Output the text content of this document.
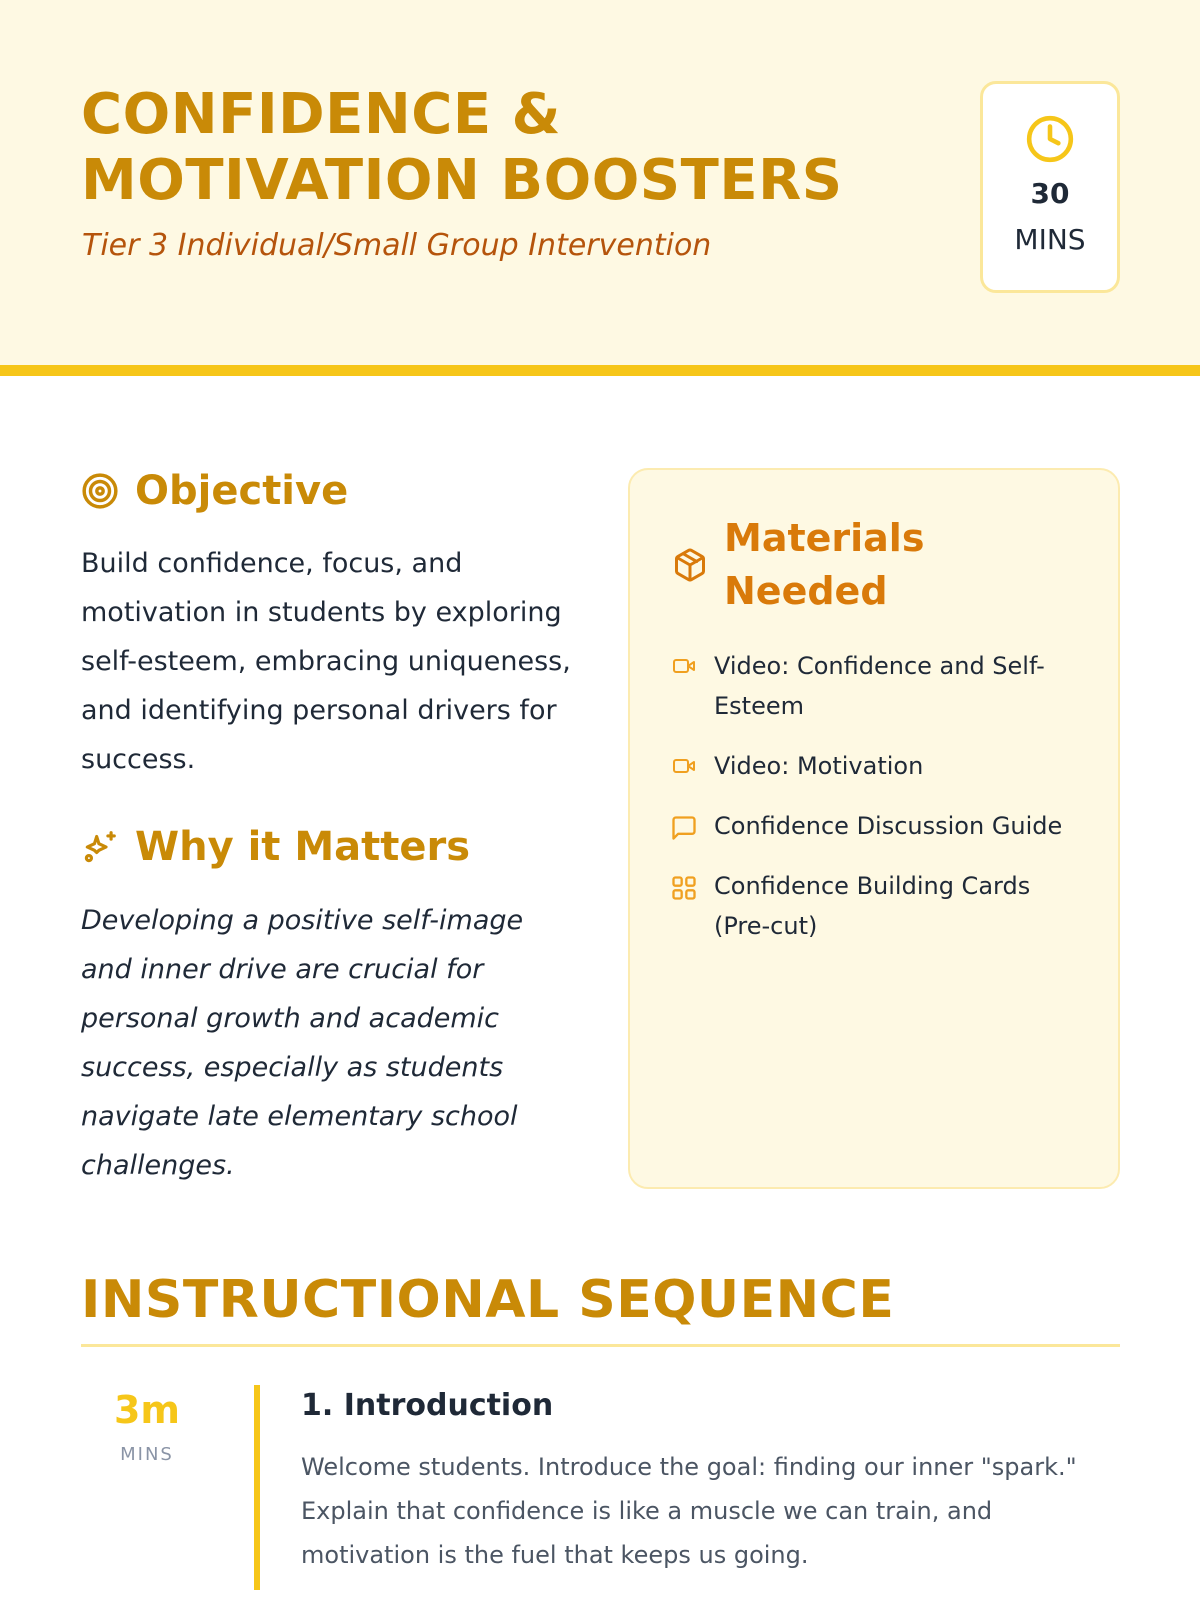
CONFIDENCE & MOTIVATION BOOSTERS
Tier 3 Individual/Small Group Intervention
30
MINS
Objective

Build confidence, focus, and motivation in students by exploring self-esteem, embracing uniqueness, and identifying personal drivers for success.

Why it Matters

Developing a positive self-image and inner drive are crucial for personal growth and academic success, especially as students navigate late elementary school challenges.

Materials Needed
Video: Confidence and Self-Esteem
Video: Motivation
Confidence Discussion Guide
Confidence Building Cards (Pre-cut)
INSTRUCTIONAL SEQUENCE
3m
MINS
1. Introduction

Welcome students. Introduce the goal: finding our inner "spark." Explain that confidence is like a muscle we can train, and motivation is the fuel that keeps us going.
